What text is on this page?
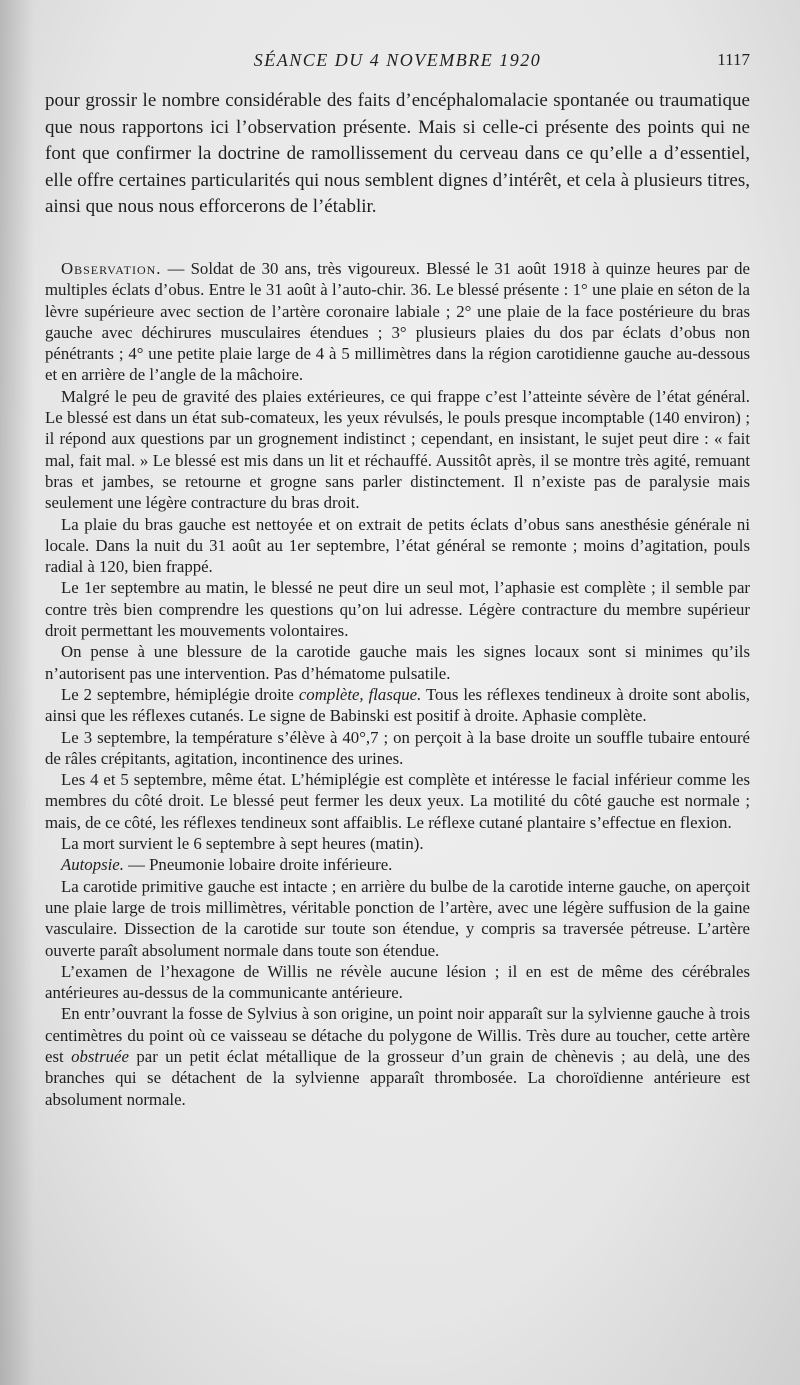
SÉANCE DU 4 NOVEMBRE 1920	1117

pour grossir le nombre considérable des faits d’encéphalomalacie spontanée ou traumatique que nous rapportons ici l’observation présente. Mais si celle-ci présente des points qui ne font que confirmer la doctrine de ramollissement du cerveau dans ce qu’elle a d’essentiel, elle offre certaines particularités qui nous semblent dignes d’intérêt, et cela à plusieurs titres, ainsi que nous nous efforcerons de l’établir.

Observation. — Soldat de 30 ans, très vigoureux. Blessé le 31 août 1918 à quinze heures par de multiples éclats d’obus. Entre le 31 août à l’auto-chir. 36. Le blessé présente : 1° une plaie en séton de la lèvre supérieure avec section de l’artère coronaire labiale ; 2° une plaie de la face postérieure du bras gauche avec déchirures musculaires étendues ; 3° plusieurs plaies du dos par éclats d’obus non pénétrants ; 4° une petite plaie large de 4 à 5 millimètres dans la région carotidienne gauche au-dessous et en arrière de l’angle de la mâchoire.

Malgré le peu de gravité des plaies extérieures, ce qui frappe c’est l’atteinte sévère de l’état général. Le blessé est dans un état sub-comateux, les yeux révulsés, le pouls presque incomptable (140 environ) ; il répond aux questions par un grognement indistinct ; cependant, en insistant, le sujet peut dire : « fait mal, fait mal. » Le blessé est mis dans un lit et réchauffé. Aussitôt après, il se montre très agité, remuant bras et jambes, se retourne et grogne sans parler distinctement. Il n’existe pas de paralysie mais seulement une légère contracture du bras droit.

La plaie du bras gauche est nettoyée et on extrait de petits éclats d’obus sans anesthésie générale ni locale. Dans la nuit du 31 août au 1er septembre, l’état général se remonte ; moins d’agitation, pouls radial à 120, bien frappé.

Le 1er septembre au matin, le blessé ne peut dire un seul mot, l’aphasie est complète ; il semble par contre très bien comprendre les questions qu’on lui adresse. Légère contracture du membre supérieur droit permettant les mouvements volontaires.

On pense à une blessure de la carotide gauche mais les signes locaux sont si minimes qu’ils n’autorisent pas une intervention. Pas d’hématome pulsatile.

Le 2 septembre, hémiplégie droite complète, flasque. Tous les réflexes tendineux à droite sont abolis, ainsi que les réflexes cutanés. Le signe de Babinski est positif à droite. Aphasie complète.

Le 3 septembre, la température s’élève à 40°,7 ; on perçoit à la base droite un souffle tubaire entouré de râles crépitants, agitation, incontinence des urines.

Les 4 et 5 septembre, même état. L’hémiplégie est complète et intéresse le facial inférieur comme les membres du côté droit. Le blessé peut fermer les deux yeux. La motilité du côté gauche est normale ; mais, de ce côté, les réflexes tendineux sont affaiblis. Le réflexe cutané plantaire s’effectue en flexion.

La mort survient le 6 septembre à sept heures (matin).

Autopsie. — Pneumonie lobaire droite inférieure.

La carotide primitive gauche est intacte ; en arrière du bulbe de la carotide interne gauche, on aperçoit une plaie large de trois millimètres, véritable ponction de l’artère, avec une légère suffusion de la gaine vasculaire. Dissection de la carotide sur toute son étendue, y compris sa traversée pétreuse. L’artère ouverte paraît absolument normale dans toute son étendue.

L’examen de l’hexagone de Willis ne révèle aucune lésion ; il en est de même des cérébrales antérieures au-dessus de la communicante antérieure.

En entr’ouvrant la fosse de Sylvius à son origine, un point noir apparaît sur la sylvienne gauche à trois centimètres du point où ce vaisseau se détache du polygone de Willis. Très dure au toucher, cette artère est obstruée par un petit éclat métallique de la grosseur d’un grain de chènevis ; au delà, une des branches qui se détachent de la sylvienne apparaît thrombosée. La choroïdienne antérieure est absolument normale.
